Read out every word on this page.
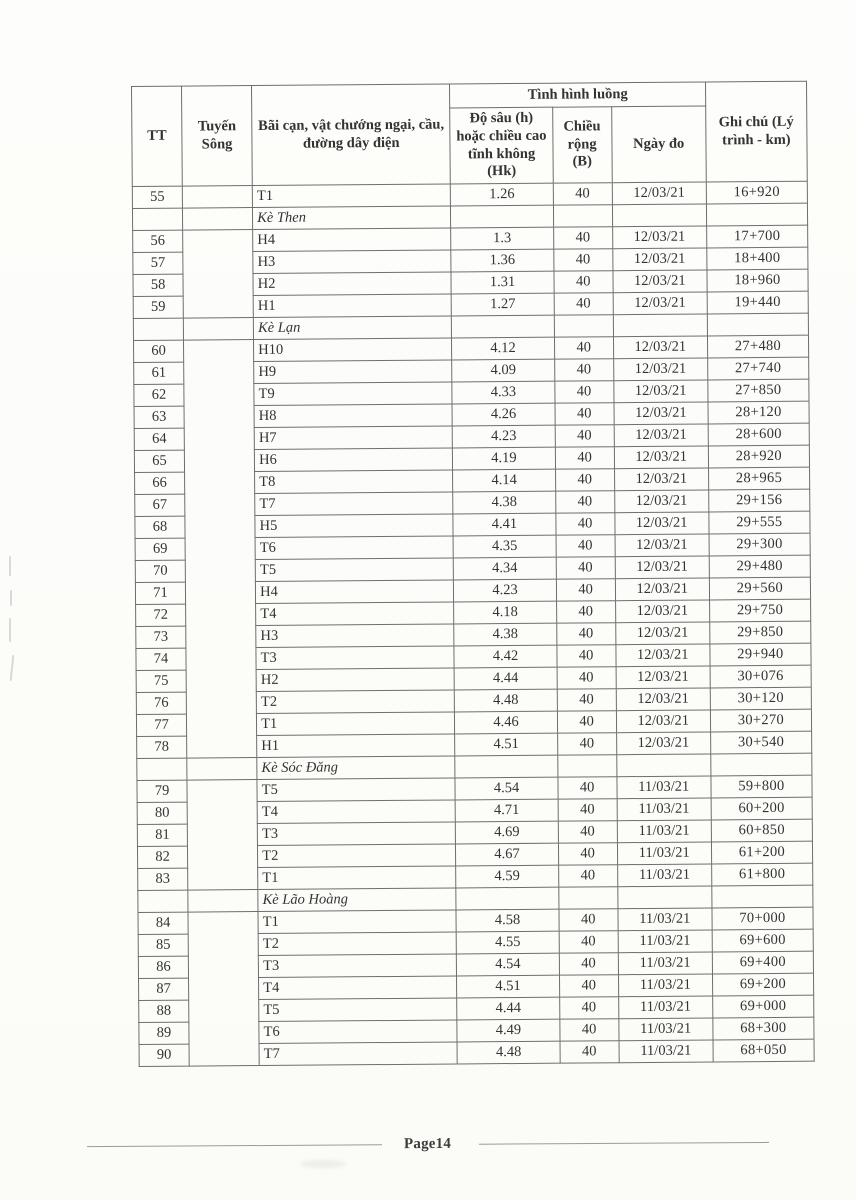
TT	Tuyến Sông	Bãi cạn, vật chướng ngại, cầu, đường dây điện	Tình hình luồng			Ghi chú (Lý trình - km)
			Độ sâu (h) hoặc chiều cao tĩnh không (Hk)	Chiều rộng (B)	Ngày đo	
55		T1	1.26	40	12/03/21	16+920
		Kè Then				
56		H4	1.3	40	12/03/21	17+700
57		H3	1.36	40	12/03/21	18+400
58		H2	1.31	40	12/03/21	18+960
59		H1	1.27	40	12/03/21	19+440
		Kè Lạn				
60		H10	4.12	40	12/03/21	27+480
61		H9	4.09	40	12/03/21	27+740
62		T9	4.33	40	12/03/21	27+850
63		H8	4.26	40	12/03/21	28+120
64		H7	4.23	40	12/03/21	28+600
65		H6	4.19	40	12/03/21	28+920
66		T8	4.14	40	12/03/21	28+965
67		T7	4.38	40	12/03/21	29+156
68		H5	4.41	40	12/03/21	29+555
69		T6	4.35	40	12/03/21	29+300
70		T5	4.34	40	12/03/21	29+480
71		H4	4.23	40	12/03/21	29+560
72		T4	4.18	40	12/03/21	29+750
73		H3	4.38	40	12/03/21	29+850
74		T3	4.42	40	12/03/21	29+940
75		H2	4.44	40	12/03/21	30+076
76		T2	4.48	40	12/03/21	30+120
77		T1	4.46	40	12/03/21	30+270
78		H1	4.51	40	12/03/21	30+540
		Kè Sóc Đăng				
79		T5	4.54	40	11/03/21	59+800
80		T4	4.71	40	11/03/21	60+200
81		T3	4.69	40	11/03/21	60+850
82		T2	4.67	40	11/03/21	61+200
83		T1	4.59	40	11/03/21	61+800
		Kè Lão Hoàng				
84		T1	4.58	40	11/03/21	70+000
85		T2	4.55	40	11/03/21	69+600
86		T3	4.54	40	11/03/21	69+400
87		T4	4.51	40	11/03/21	69+200
88		T5	4.44	40	11/03/21	69+000
89		T6	4.49	40	11/03/21	68+300
90		T7	4.48	40	11/03/21	68+050
Page14
